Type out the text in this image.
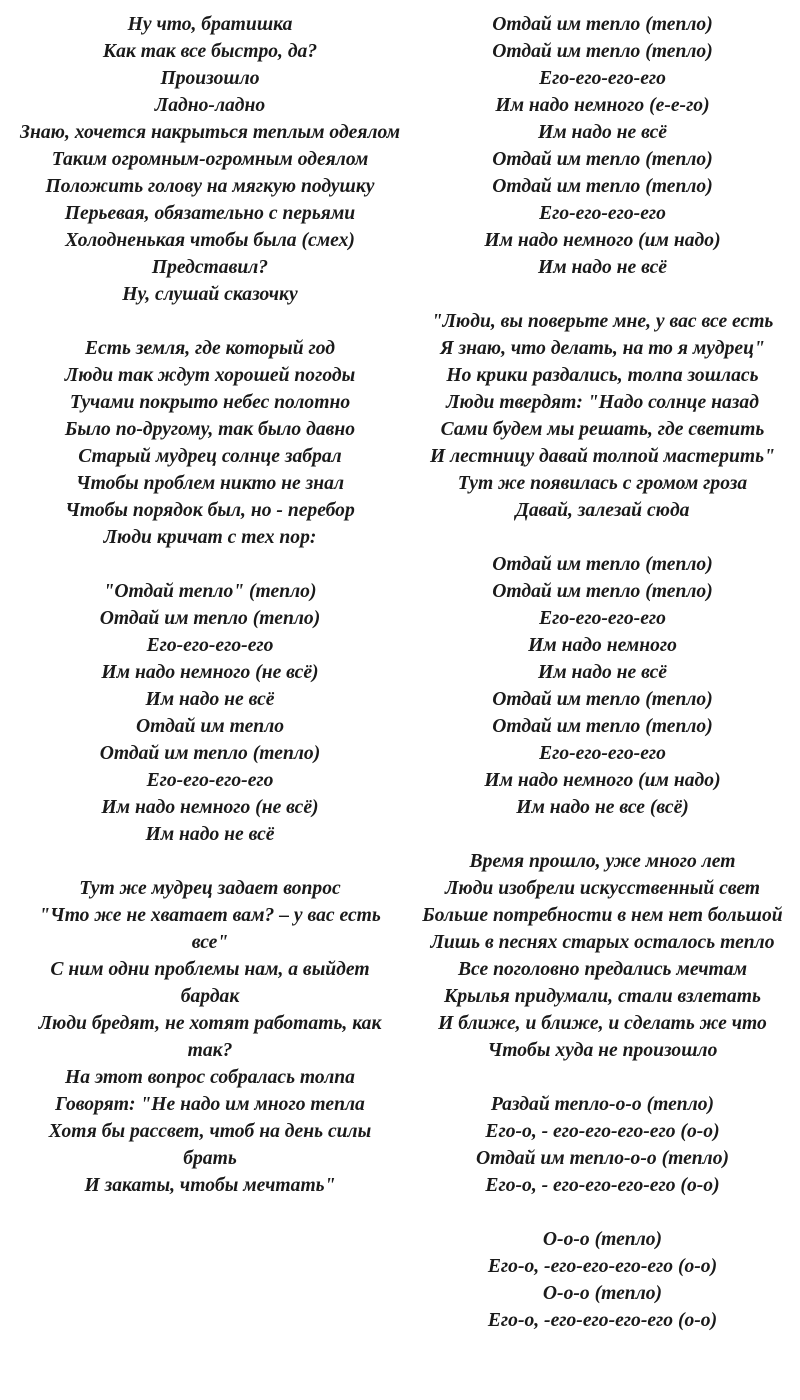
Ну что, братишка
Как так все быстро, да?
Произошло
Ладно-ладно
Знаю, хочется накрыться теплым одеялом
Таким огромным-огромным одеялом
Положить голову на мягкую подушку
Перьевая, обязательно с перьями
Холодненькая чтобы была (смех)
Представил?
Ну, слушай сказочку
Есть земля, где который год
Люди так ждут хорошей погоды
Тучами покрыто небес полотно
Было по-другому, так было давно
Старый мудрец солнце забрал
Чтобы проблем никто не знал
Чтобы порядок был, но - перебор
Люди кричат с тех пор:
"Отдай тепло" (тепло)
Отдай им тепло (тепло)
Его-его-его-его
Им надо немного (не всё)
Им надо не всё
Отдай им тепло
Отдай им тепло (тепло)
Его-его-его-его
Им надо немного (не всё)
Им надо не всё
Тут же мудрец задает вопрос
"Что же не хватает вам? – у вас есть все"
С ним одни проблемы нам, а выйдет бардак
Люди бредят, не хотят работать, как так?
На этот вопрос собралась толпа
Говорят: "Не надо им много тепла
Хотя бы рассвет, чтоб на день силы брать
И закаты, чтобы мечтать"
Отдай им тепло (тепло)
Отдай им тепло (тепло)
Его-его-его-его
Им надо немного (е-е-го)
Им надо не всё
Отдай им тепло (тепло)
Отдай им тепло (тепло)
Его-его-его-его
Им надо немного (им надо)
Им надо не всё
"Люди, вы поверьте мне, у вас все есть
Я знаю, что делать, на то я мудрец"
Но крики раздались, толпа зошлась
Люди твердят: "Надо солнце назад
Сами будем мы решать, где светить
И лестницу давай толпой мастерить"
Тут же появилась с громом гроза
Давай, залезай сюда
Отдай им тепло (тепло)
Отдай им тепло (тепло)
Его-его-его-его
Им надо немного
Им надо не всё
Отдай им тепло (тепло)
Отдай им тепло (тепло)
Его-его-его-его
Им надо немного (им надо)
Им надо не все (всё)
Время прошло, уже много лет
Люди изобрели искусственный свет
Больше потребности в нем нет большой
Лишь в песнях старых осталось тепло
Все поголовно предались мечтам
Крылья придумали, стали взлетать
И ближе, и ближе, и сделать же что
Чтобы худа не произошло
Раздай тепло-о-о (тепло)
Его-о, - его-его-его-его (о-о)
Отдай им тепло-о-о (тепло)
Его-о, - его-его-его-его (о-о)
О-о-о (тепло)
Его-о, -его-его-его-его (о-о)
О-о-о (тепло)
Его-о, -его-его-его-его (о-о)
